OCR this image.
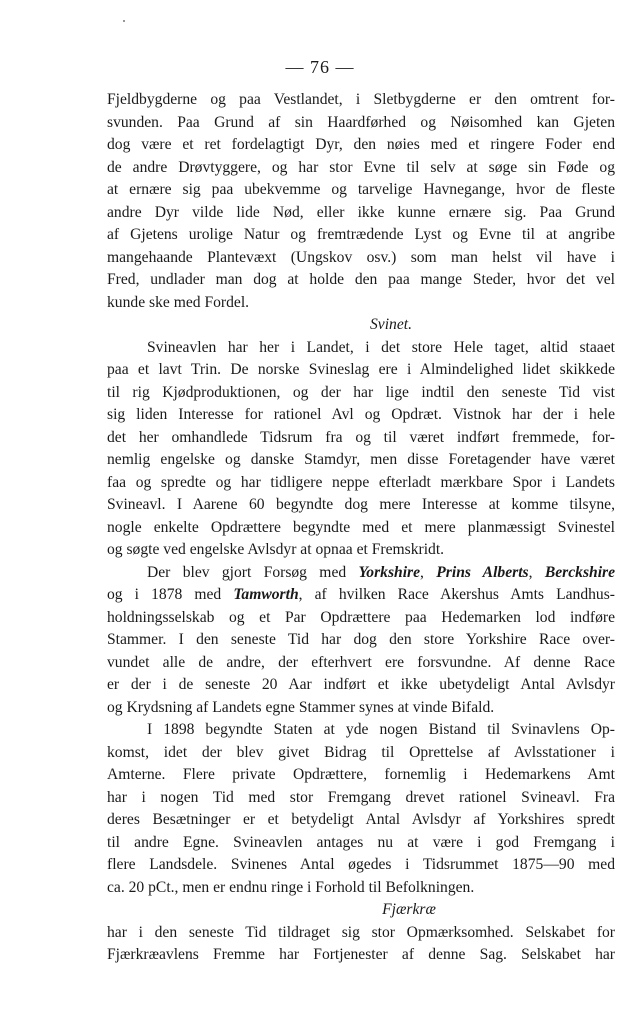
— 76 —
Fjeldbygderne og paa Vestlandet, i Sletbygderne er den omtrent for-
svunden. Paa Grund af sin Haardførhed og Nøisomhed kan Gjeten
dog være et ret fordelagtigt Dyr, den nøies med et ringere Foder end
de andre Drøvtyggere, og har stor Evne til selv at søge sin Føde og
at ernære sig paa ubekvemme og tarvelige Havnegange, hvor de fleste
andre Dyr vilde lide Nød, eller ikke kunne ernære sig. Paa Grund
af Gjetens urolige Natur og fremtrædende Lyst og Evne til at angribe
mangehaande Plantevæxt (Ungskov osv.) som man helst vil have i
Fred, undlader man dog at holde den paa mange Steder, hvor det vel
kunde ske med Fordel.
Svinet.
Svineavlen har her i Landet, i det store Hele taget, altid staaet
paa et lavt Trin. De norske Svineslag ere i Almindelighed lidet skikkede
til rig Kjødproduktionen, og der har lige indtil den seneste Tid vist
sig liden Interesse for rationel Avl og Opdræt. Vistnok har der i hele
det her omhandlede Tidsrum fra og til været indført fremmede, for-
nemlig engelske og danske Stamdyr, men disse Foretagender have været
faa og spredte og har tidligere neppe efterladt mærkbare Spor i Landets
Svineavl. I Aarene 60 begyndte dog mere Interesse at komme tilsyne,
nogle enkelte Opdrættere begyndte med et mere planmæssigt Svinestel
og søgte ved engelske Avlsdyr at opnaa et Fremskridt.
Der blev gjort Forsøg med Yorkshire, Prins Alberts, Berckshire
og i 1878 med Tamworth, af hvilken Race Akershus Amts Landhus-
holdningsselskab og et Par Opdrættere paa Hedemarken lod indføre
Stammer. I den seneste Tid har dog den store Yorkshire Race over-
vundet alle de andre, der efterhvert ere forsvundne. Af denne Race
er der i de seneste 20 Aar indført et ikke ubetydeligt Antal Avlsdyr
og Krydsning af Landets egne Stammer synes at vinde Bifald.
I 1898 begyndte Staten at yde nogen Bistand til Svinavlens Op-
komst, idet der blev givet Bidrag til Oprettelse af Avlsstationer i
Amterne. Flere private Opdrættere, fornemlig i Hedemarkens Amt
har i nogen Tid med stor Fremgang drevet rationel Svineavl. Fra
deres Besætninger er et betydeligt Antal Avlsdyr af Yorkshires spredt
til andre Egne. Svineavlen antages nu at være i god Fremgang i
flere Landsdele. Svinenes Antal øgedes i Tidsrummet 1875—90 med
ca. 20 pCt., men er endnu ringe i Forhold til Befolkningen.
Fjærkræ
har i den seneste Tid tildraget sig stor Opmærksomhed. Selskabet for
Fjærkræavlens Fremme har Fortjenester af denne Sag. Selskabet har
